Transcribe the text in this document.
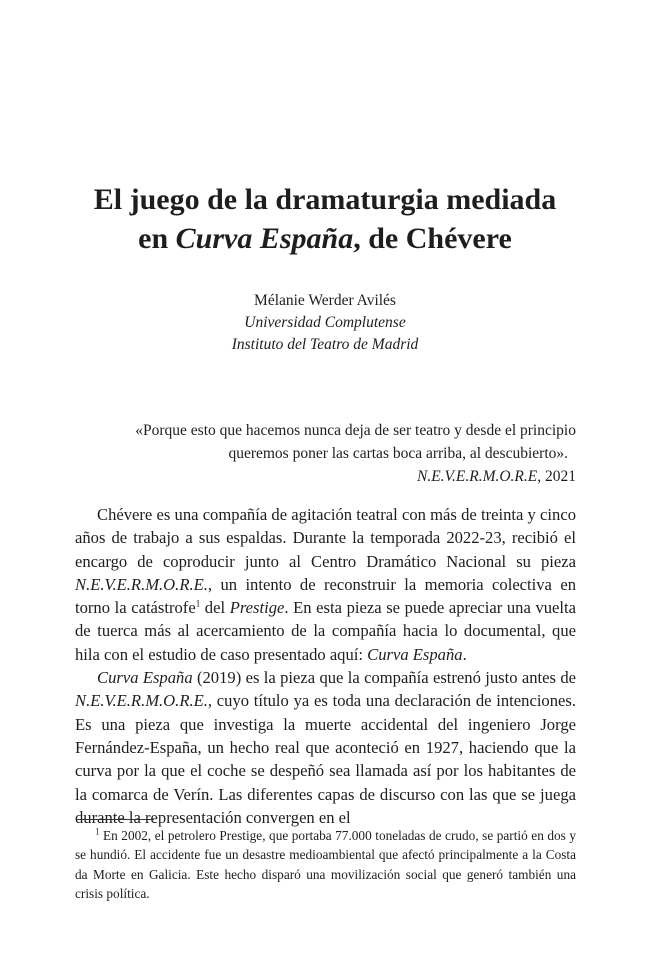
El juego de la dramaturgia mediada
en Curva España, de Chévere
Mélanie Werder Avilés
Universidad Complutense
Instituto del Teatro de Madrid
«Porque esto que hacemos nunca deja de ser teatro y desde el principio
queremos poner las cartas boca arriba, al descubierto».
N.E.V.E.R.M.O.R.E, 2021

Chévere es una compañía de agitación teatral con más de treinta y cinco años de trabajo a sus espaldas. Durante la temporada 2022-23, recibió el encargo de coproducir junto al Centro Dramático Nacional su pieza N.E.V.E.R.M.O.R.E., un intento de reconstruir la memoria colectiva en torno la catástrofe$^1$ del Prestige. En esta pieza se puede apreciar una vuelta de tuerca más al acercamiento de la compañía hacia lo documental, que hila con el estudio de caso presentado aquí: Curva España.

Curva España (2019) es la pieza que la compañía estrenó justo antes de N.E.V.E.R.M.O.R.E., cuyo título ya es toda una declaración de intenciones. Es una pieza que investiga la muerte accidental del ingeniero Jorge Fernández-España, un hecho real que aconteció en 1927, haciendo que la curva por la que el coche se despeñó sea llamada así por los habitantes de la comarca de Verín. Las diferentes capas de discurso con las que se juega durante la representación convergen en el

$^1$ En 2002, el petrolero Prestige, que portaba 77.000 toneladas de crudo, se partió en dos y se hundió. El accidente fue un desastre medioambiental que afectó principalmente a la Costa da Morte en Galicia. Este hecho disparó una movilización social que generó también una crisis política.
